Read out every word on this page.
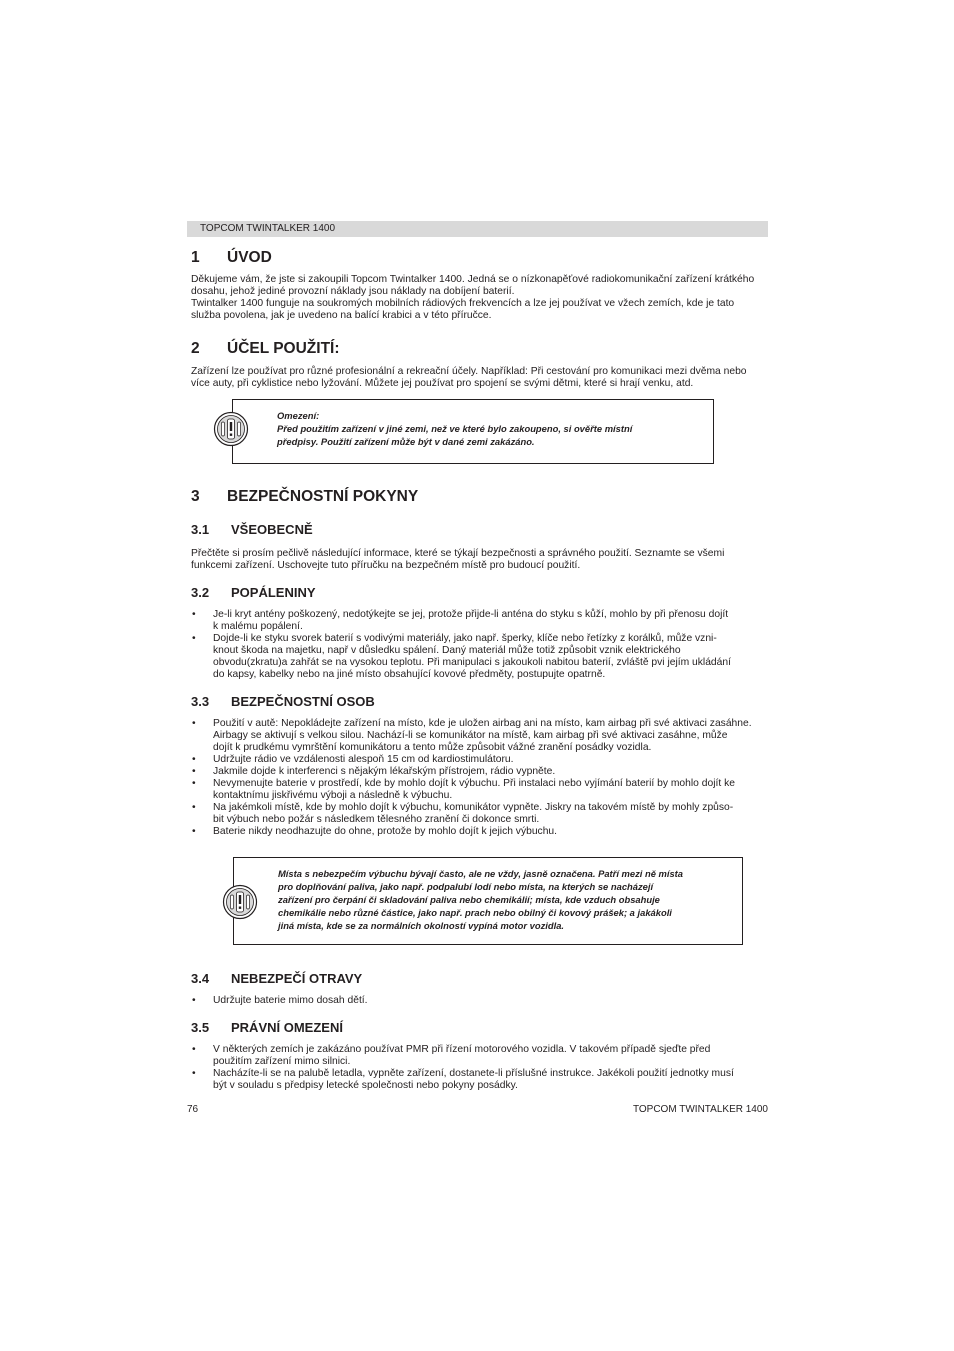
TOPCOM TWINTALKER 1400
1 ÚVOD

Děkujeme vám, že jste si zakoupili Topcom Twintalker 1400. Jedná se o nízkonapěťové radiokomunikační zařízení krátkého
dosahu, jehož jediné provozní náklady jsou náklady na dobíjení baterií.
Twintalker 1400 funguje na soukromých mobilních rádiových frekvencích a lze jej používat ve vžech zemích, kde je tato
služba povolena, jak je uvedeno na balící krabici a v této příručce.

2 ÚČEL POUŽITÍ:

Zařízení lze používat pro různé profesionální a rekreační účely. Například: Při cestování pro komunikaci mezi dvěma nebo
více auty, při cyklistice nebo lyžování. Můžete jej používat pro spojení se svými dětmi, které si hrají venku, atd.

Omezení:
Před použitím zařízení v jiné zemi, než ve které bylo zakoupeno, si ověřte místní
předpisy. Použití zařízení může být v dané zemi zakázáno.
3 BEZPEČNOSTNÍ POKYNY
3.1 VŠEOBECNĚ

Přečtěte si prosím pečlivě následující informace, které se týkají bezpečnosti a správného použití. Seznamte se všemi
funkcemi zařízení. Uschovejte tuto příručku na bezpečném místě pro budoucí použití.

3.2 POPÁLENINY
• Je-li kryt antény poškozený, nedotýkejte se jej, protože přijde-li anténa do styku s kůží, mohlo by při přenosu dojít
k malému popálení.
• Dojde-li ke styku svorek baterií s vodivými materiály, jako např. šperky, klíče nebo řetízky z korálků, může vzni-
knout škoda na majetku, např v důsledku spálení. Daný materiál může totiž způsobit vznik elektrického
obvodu(zkratu)a zahřát se na vysokou teplotu. Při manipulaci s jakoukoli nabitou baterií, zvláště pvi jejím ukládání
do kapsy, kabelky nebo na jiné místo obsahující kovové předměty, postupujte opatrně.
3.3 BEZPEČNOSTNÍ OSOB
• Použití v autě: Nepokládejte zařízení na místo, kde je uložen airbag ani na místo, kam airbag při své aktivaci zasáhne.
Airbagy se aktivují s velkou silou. Nachází-li se komunikátor na místě, kam airbag při své aktivaci zasáhne, může
dojít k prudkému vymrštění komunikátoru a tento může způsobit vážné zranění posádky vozidla.
• Udržujte rádio ve vzdálenosti alespoň 15 cm od kardiostimulátoru.
• Jakmile dojde k interferenci s nějakým lékařským přístrojem, rádio vypněte.
• Nevymenujte baterie v prostředí, kde by mohlo dojít k výbuchu. Při instalaci nebo vyjímání baterií by mohlo dojít ke
kontaktnímu jiskřivému výboji a následně k výbuchu.
• Na jakémkoli místě, kde by mohlo dojít k výbuchu, komunikátor vypněte. Jiskry na takovém místě by mohly způso-
bit výbuch nebo požár s následkem tělesného zranění či dokonce smrti.
• Baterie nikdy neodhazujte do ohne, protože by mohlo dojít k jejich výbuchu.
Místa s nebezpečím výbuchu bývají často, ale ne vždy, jasně označena. Patří mezi ně místa
pro doplňování paliva, jako např. podpalubí lodí nebo místa, na kterých se nacházejí
zařízení pro čerpání či skladování paliva nebo chemikálií; místa, kde vzduch obsahuje
chemikálie nebo různé částice, jako např. prach nebo obilný či kovový prášek; a jakákoli
jiná místa, kde se za normálních okolností vypíná motor vozidla.
3.4 NEBEZPEČÍ OTRAVY
• Udržujte baterie mimo dosah dětí.
3.5 PRÁVNÍ OMEZENÍ
• V některých zemích je zakázáno používat PMR při řízení motorového vozidla. V takovém případě sjeďte před
použitím zařízení mimo silnici.
• Nacházíte-li se na palubě letadla, vypněte zařízení, dostanete-li příslušné instrukce. Jakékoli použití jednotky musí
být v souladu s předpisy letecké společnosti nebo pokyny posádky.
76	TOPCOM TWINTALKER 1400
